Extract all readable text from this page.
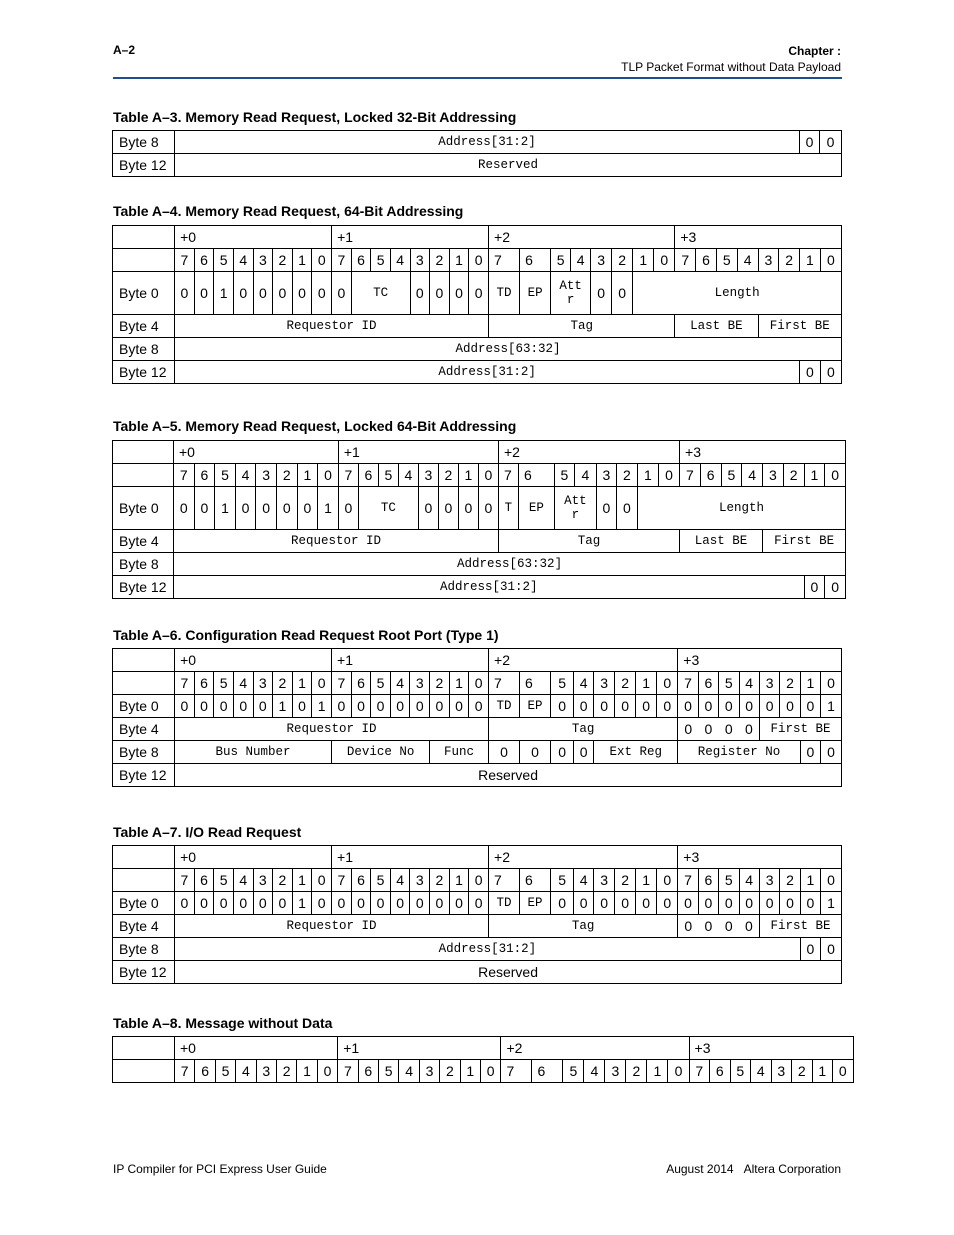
A–2	Chapter :
TLP Packet Format without Data Payload
Table A–3. Memory Read Request, Locked 32-Bit Addressing
Byte 8	Address[31:2]	0	0
Byte 12	Reserved		
Table A–4. Memory Read Request, 64-Bit Addressing
	+0								+1								+2								+3							
	7	6	5	4	3	2	1	0	7	6	5	4	3	2	1	0	7	6	5	4	3	2	1	0	7	6	5	4	3	2	1	0
Byte 0	0	0	1	0	0	0	0	0	0	TC			0	0	0	0	TD	EP	Attr		0	0	Length									
Byte 4	Requestor ID																Tag								Last BE				First BE			
Byte 8	Address[63:32]																															
Byte 12	Address[31:2]																														0	0
Table A–5. Memory Read Request, Locked 64-Bit Addressing
	+0								+1								+2								+3							
	7	6	5	4	3	2	1	0	7	6	5	4	3	2	1	0	7	6	5	4	3	2	1	0	7	6	5	4	3	2	1	0
Byte 0	0	0	1	0	0	0	0	1	0	TC			0	0	0	0	T	EP	Attr		0	0	Length									
Byte 4	Requestor ID																Tag								Last BE				First BE			
Byte 8	Address[63:32]																															
Byte 12	Address[31:2]																														0	0
Table A–6. Configuration Read Request Root Port (Type 1)
	+0								+1								+2								+3							
	7	6	5	4	3	2	1	0	7	6	5	4	3	2	1	0	7	6	5	4	3	2	1	0	7	6	5	4	3	2	1	0
Byte 0	0	0	0	0	0	1	0	1	0	0	0	0	0	0	0	0	TD	EP	0	0	0	0	0	0	0	0	0	0	0	0	0	1
Byte 4	Requestor ID																Tag								0	0	0	0	First BE			
Byte 8	Bus Number								Device No					Func			0	0	0	0	Ext Reg				Register No						0	0
Byte 12	Reserved																															
Table A–7. I/O Read Request
	+0								+1								+2								+3							
	7	6	5	4	3	2	1	0	7	6	5	4	3	2	1	0	7	6	5	4	3	2	1	0	7	6	5	4	3	2	1	0
Byte 0	0	0	0	0	0	0	1	0	0	0	0	0	0	0	0	0	TD	EP	0	0	0	0	0	0	0	0	0	0	0	0	0	1
Byte 4	Requestor ID																Tag								0	0	0	0	First BE			
Byte 8	Address[31:2]																														0	0
Byte 12	Reserved																															
Table A–8. Message without Data
	+0								+1								+2								+3							
	7	6	5	4	3	2	1	0	7	6	5	4	3	2	1	0	7	6	5	4	3	2	1	0	7	6	5	4	3	2	1	0
IP Compiler for PCI Express User Guide	August 2014 Altera Corporation
